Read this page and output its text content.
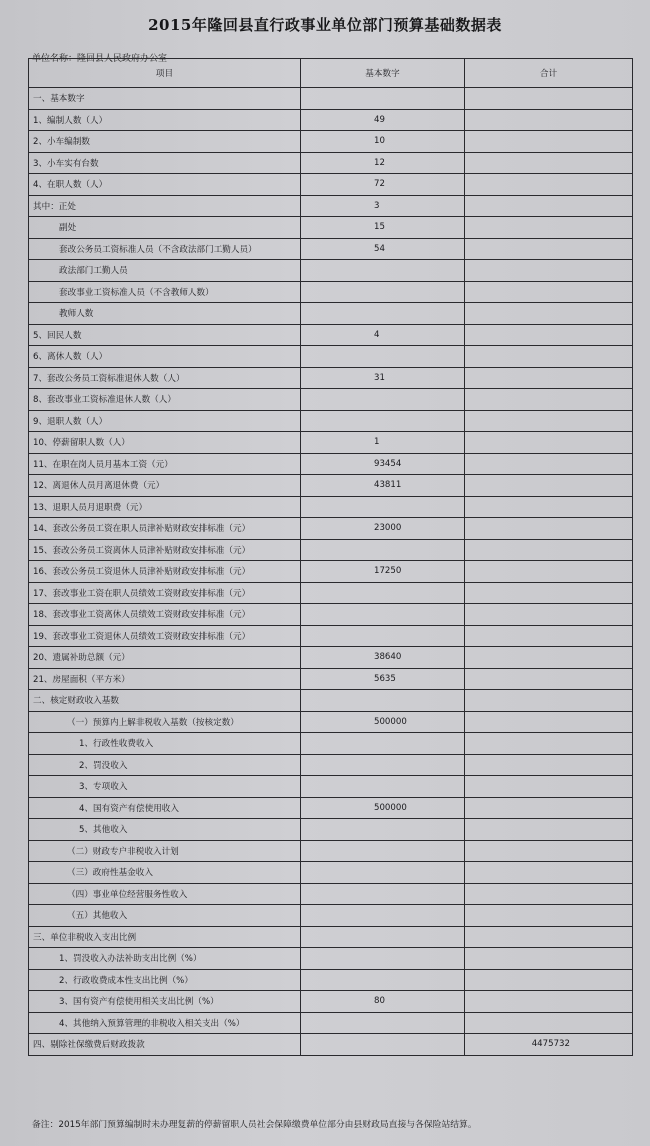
2015年隆回县直行政事业单位部门预算基础数据表
单位名称：隆回县人民政府办公室
项目	基本数字	合计
一、基本数字		
1、编制人数（人）	49	
2、小车编制数	10	
3、小车实有台数	12	
4、在职人数（人）	72	
其中：正处	3	
副处	15	
套改公务员工资标准人员（不含政法部门工勤人员）	54	
政法部门工勤人员		
套改事业工资标准人员（不含教师人数）		
教师人数		
5、回民人数	4	
6、离休人数（人）		
7、套改公务员工资标准退休人数（人）	31	
8、套改事业工资标准退休人数（人）		
9、退职人数（人）		
10、停薪留职人数（人）	1	
11、在职在岗人员月基本工资（元）	93454	
12、离退休人员月离退休费（元）	43811	
13、退职人员月退职费（元）		
14、套改公务员工资在职人员津补贴财政安排标准（元）	23000	
15、套改公务员工资离休人员津补贴财政安排标准（元）		
16、套改公务员工资退休人员津补贴财政安排标准（元）	17250	
17、套改事业工资在职人员绩效工资财政安排标准（元）		
18、套改事业工资离休人员绩效工资财政安排标准（元）		
19、套改事业工资退休人员绩效工资财政安排标准（元）		
20、遗属补助总额（元）	38640	
21、房屋面积（平方米）	5635	
二、核定财政收入基数		
（一）预算内上解非税收入基数（按核定数）	500000	
1、行政性收费收入		
2、罚没收入		
3、专项收入		
4、国有资产有偿使用收入	500000	
5、其他收入		
（二）财政专户非税收入计划		
（三）政府性基金收入		
（四）事业单位经营服务性收入		
（五）其他收入		
三、单位非税收入支出比例		
1、罚没收入办法补助支出比例（%）		
2、行政收费成本性支出比例（%）		
3、国有资产有偿使用相关支出比例（%）	80	
4、其他纳入预算管理的非税收入相关支出（%）		
四、剔除社保缴费后财政拨款		4475732
备注：2015年部门预算编制时未办理复薪的停薪留职人员社会保障缴费单位部分由县财政局直接与各保险站结算。
